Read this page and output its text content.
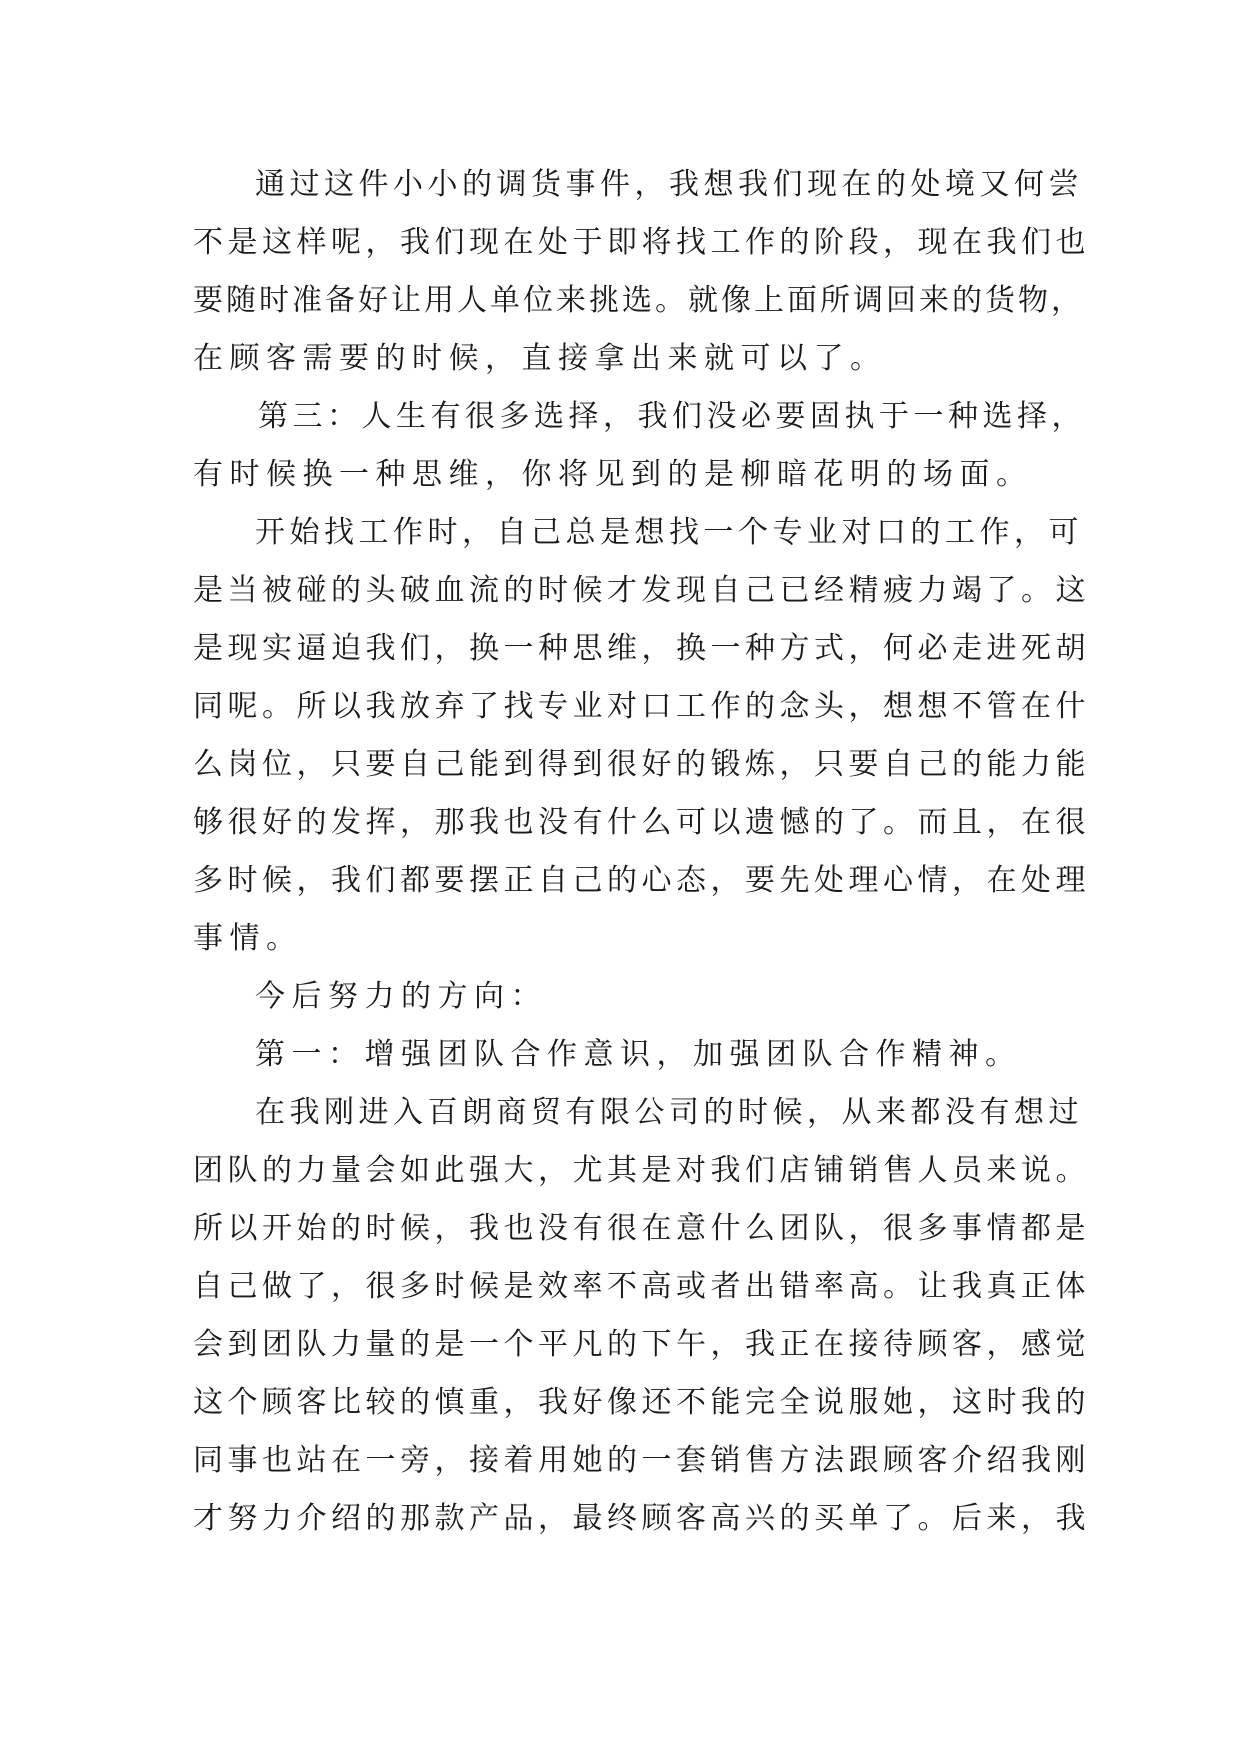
通过这件小小的调货事件，我想我们现在的处境又何尝
不是这样呢，我们现在处于即将找工作的阶段，现在我们也
要随时准备好让用人单位来挑选。就像上面所调回来的货物，
在顾客需要的时候，直接拿出来就可以了。
第三：人生有很多选择，我们没必要固执于一种选择，
有时候换一种思维，你将见到的是柳暗花明的场面。
开始找工作时，自己总是想找一个专业对口的工作，可
是当被碰的头破血流的时候才发现自己已经精疲力竭了。这
是现实逼迫我们，换一种思维，换一种方式，何必走进死胡
同呢。所以我放弃了找专业对口工作的念头，想想不管在什
么岗位，只要自己能到得到很好的锻炼，只要自己的能力能
够很好的发挥，那我也没有什么可以遗憾的了。而且，在很
多时候，我们都要摆正自己的心态，要先处理心情，在处理
事情。
今后努力的方向：
第一：增强团队合作意识，加强团队合作精神。
在我刚进入百朗商贸有限公司的时候，从来都没有想过
团队的力量会如此强大，尤其是对我们店铺销售人员来说。
所以开始的时候，我也没有很在意什么团队，很多事情都是
自己做了，很多时候是效率不高或者出错率高。让我真正体
会到团队力量的是一个平凡的下午，我正在接待顾客，感觉
这个顾客比较的慎重，我好像还不能完全说服她，这时我的
同事也站在一旁，接着用她的一套销售方法跟顾客介绍我刚
才努力介绍的那款产品，最终顾客高兴的买单了。后来，我
